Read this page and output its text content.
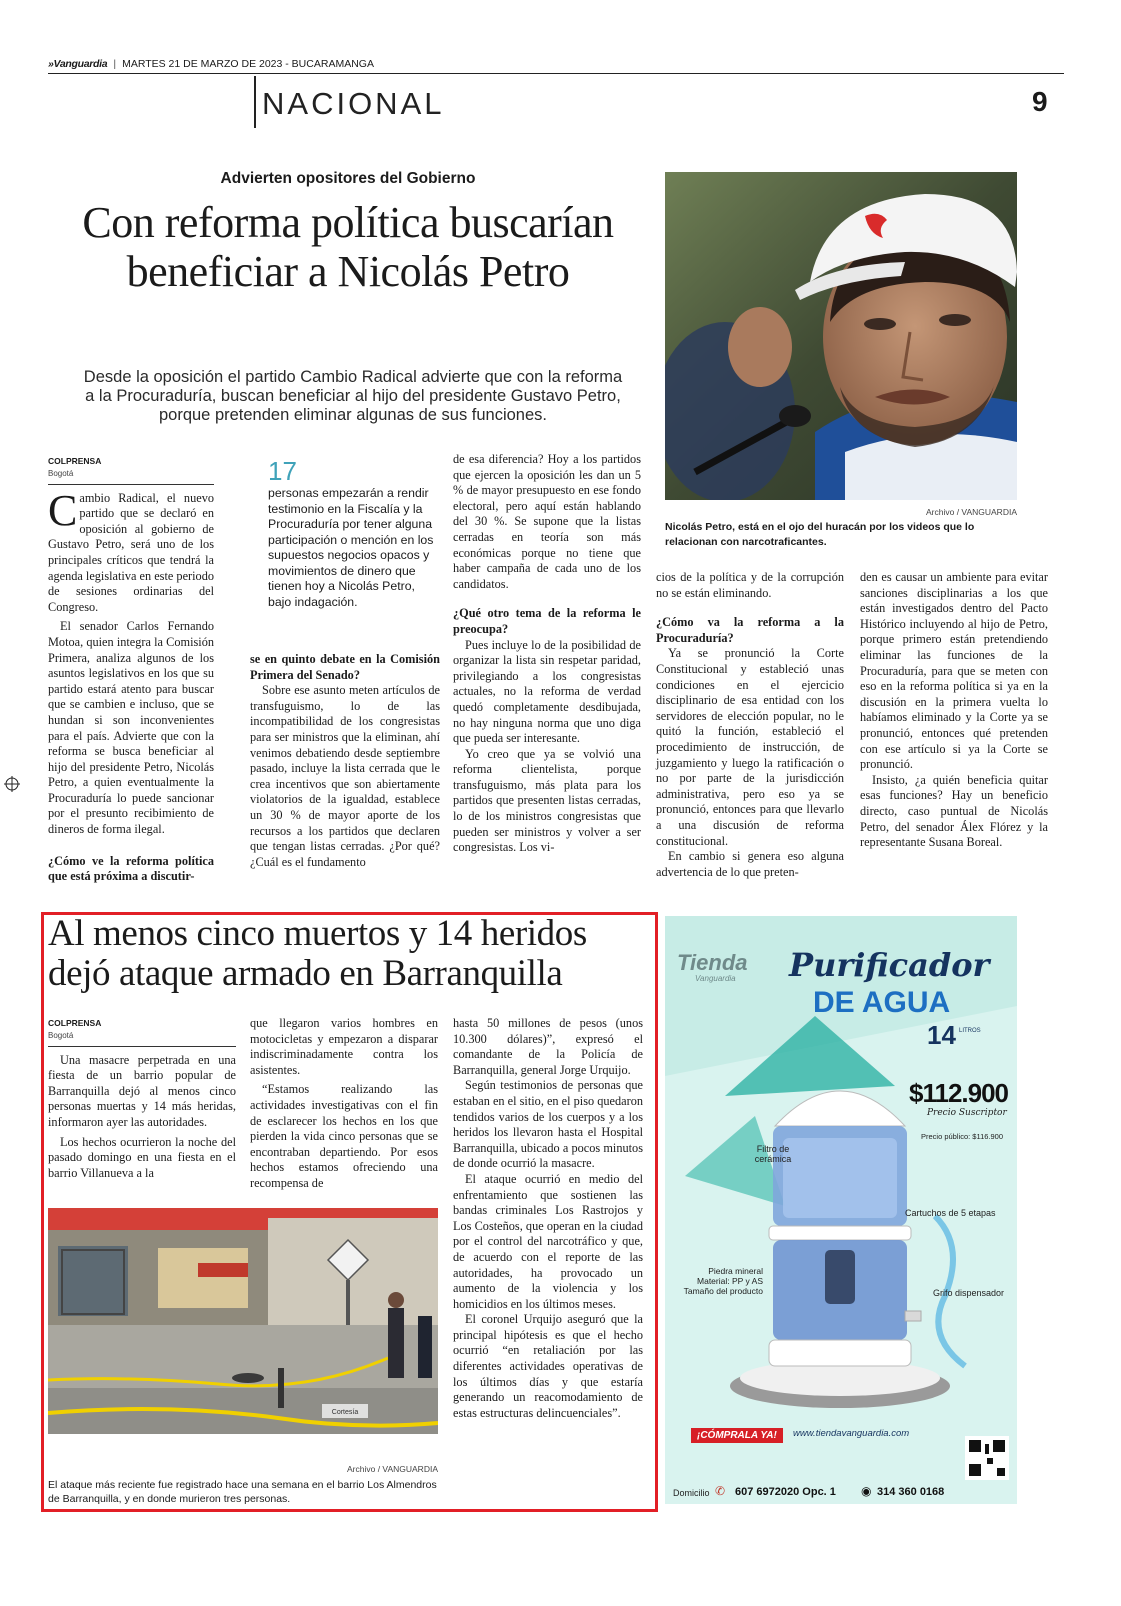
»Vanguardia | MARTES 21 DE MARZO DE 2023 - BUCARAMANGA
NACIONAL	9
Advierten opositores del Gobierno
Con reforma política buscarían beneficiar a Nicolás Petro
Desde la oposición el partido Cambio Radical advierte que con la reforma a la Procuraduría, buscan beneficiar al hijo del presidente Gustavo Petro, porque pretenden eliminar algunas de sus funciones.
Archivo / VANGUARDIA
Nicolás Petro, está en el ojo del huracán por los videos que lo relacionan con narcotraficantes.
COLPRENSA
Bogotá

Cambio Radical, el nuevo partido que se declaró en oposición al gobierno de Gustavo Petro, será uno de los principales críticos que tendrá la agenda legislativa en este periodo de sesiones ordinarias del Congreso.

El senador Carlos Fernando Motoa, quien integra la Comisión Primera, analiza algunos de los asuntos legislativos en los que su partido estará atento para buscar que se cambien e incluso, que se hundan si son inconvenientes para el país. Advierte que con la reforma se busca beneficiar al hijo del presidente Petro, Nicolás Petro, a quien eventualmente la Procuraduría lo puede sancionar por el presunto recibimiento de dineros de forma ilegal.

¿Cómo ve la reforma política que está próxima a discutir-

17
personas empezarán a rendir testimonio en la Fiscalía y la Procuraduría por tener alguna participación o mención en los supuestos negocios opacos y movimientos de dinero que tienen hoy a Nicolás Petro, bajo indagación.

se en quinto debate en la Comisión Primera del Senado?

Sobre ese asunto meten artículos de transfuguismo, lo de las incompatibilidad de los congresistas para ser ministros que la eliminan, ahí venimos debatiendo desde septiembre pasado, incluye la lista cerrada que le crea incentivos que son abiertamente violatorios de la igualdad, establece un 30 % de mayor aporte de los recursos a los partidos que declaren que tengan listas cerradas. ¿Por qué? ¿Cuál es el fundamento

de esa diferencia? Hoy a los partidos que ejercen la oposición les dan un 5 % de mayor presupuesto en ese fondo electoral, pero aquí están hablando del 30 %. Se supone que la listas cerradas en teoría son más económicas porque no tiene que haber campaña de cada uno de los candidatos.

¿Qué otro tema de la reforma le preocupa?

Pues incluye lo de la posibilidad de organizar la lista sin respetar paridad, privilegiando a los congresistas actuales, no la reforma de verdad quedó completamente desdibujada, no hay ninguna norma que uno diga que pueda ser interesante.

Yo creo que ya se volvió una reforma clientelista, porque transfuguismo, más plata para los partidos que presenten listas cerradas, lo de los ministros congresistas que pueden ser ministros y volver a ser congresistas. Los vi-

cios de la política y de la corrupción no se están eliminando.

¿Cómo va la reforma a la Procuraduría?

Ya se pronunció la Corte Constitucional y estableció unas condiciones en el ejercicio disciplinario de esa entidad con los servidores de elección popular, no le quitó la función, estableció el procedimiento de instrucción, de juzgamiento y luego la ratificación o no por parte de la jurisdicción administrativa, pero eso ya se pronunció, entonces para que llevarlo a una discusión de reforma constitucional.

En cambio si genera eso alguna advertencia de lo que preten-

den es causar un ambiente para evitar sanciones disciplinarias a los que están investigados dentro del Pacto Histórico incluyendo al hijo de Petro, porque primero están pretendiendo eliminar las funciones de la Procuraduría, para que se meten con eso en la reforma política si ya en la discusión en la primera vuelta lo habíamos eliminado y la Corte ya se pronunció, entonces qué pretenden con ese artículo si ya la Corte se pronunció.

Insisto, ¿a quién beneficia quitar esas funciones? Hay un beneficio directo, caso puntual de Nicolás Petro, del senador Álex Flórez y la representante Susana Boreal.

Al menos cinco muertos y 14 heridos dejó ataque armado en Barranquilla
COLPRENSA
Bogotá

Una masacre perpetrada en una fiesta de un barrio popular de Barranquilla dejó al menos cinco personas muertas y 14 más heridas, informaron ayer las autoridades.

Los hechos ocurrieron la noche del pasado domingo en una fiesta en el barrio Villanueva a la

que llegaron varios hombres en motocicletas y empezaron a disparar indiscriminadamente contra los asistentes.

“Estamos realizando las actividades investigativas con el fin de esclarecer los hechos en los que pierden la vida cinco personas que se encontraban departiendo. Por esos hechos estamos ofreciendo una recompensa de

hasta 50 millones de pesos (unos 10.300 dólares)”, expresó el comandante de la Policía de Barranquilla, general Jorge Urquijo.

Según testimonios de personas que estaban en el sitio, en el piso quedaron tendidos varios de los cuerpos y a los heridos los llevaron hasta el Hospital Barranquilla, ubicado a pocos minutos de donde ocurrió la masacre.

El ataque ocurrió en medio del enfrentamiento que sostienen las bandas criminales Los Rastrojos y Los Costeños, que operan en la ciudad por el control del narcotráfico y que, de acuerdo con el reporte de las autoridades, ha provocado un aumento de la violencia y los homicidios en los últimos meses.

El coronel Urquijo aseguró que la principal hipótesis es que el hecho ocurrió “en retaliación por las diferentes actividades operativas de los últimos días y que estaría generando un reacomodamiento de estas estructuras delincuenciales”.

Cortesía
Archivo / VANGUARDIA
El ataque más reciente fue registrado hace una semana en el barrio Los Almendros de Barranquilla, y en donde murieron tres personas.
Tienda
Vanguardia Purificador
DE AGUA
14 LITROS
$112.900
Precio Suscriptor
Precio público: $116.900
Filtro de cerámica
Cartuchos de 5 etapas
Piedra mineral Material: PP y AS Tamaño del producto	Grifo dispensador
¡CÓMPRALA YA!	www.tiendavanguardia.com
Domicilio ✆ 607 6972020 Opc. 1 ◉ 314 360 0168
